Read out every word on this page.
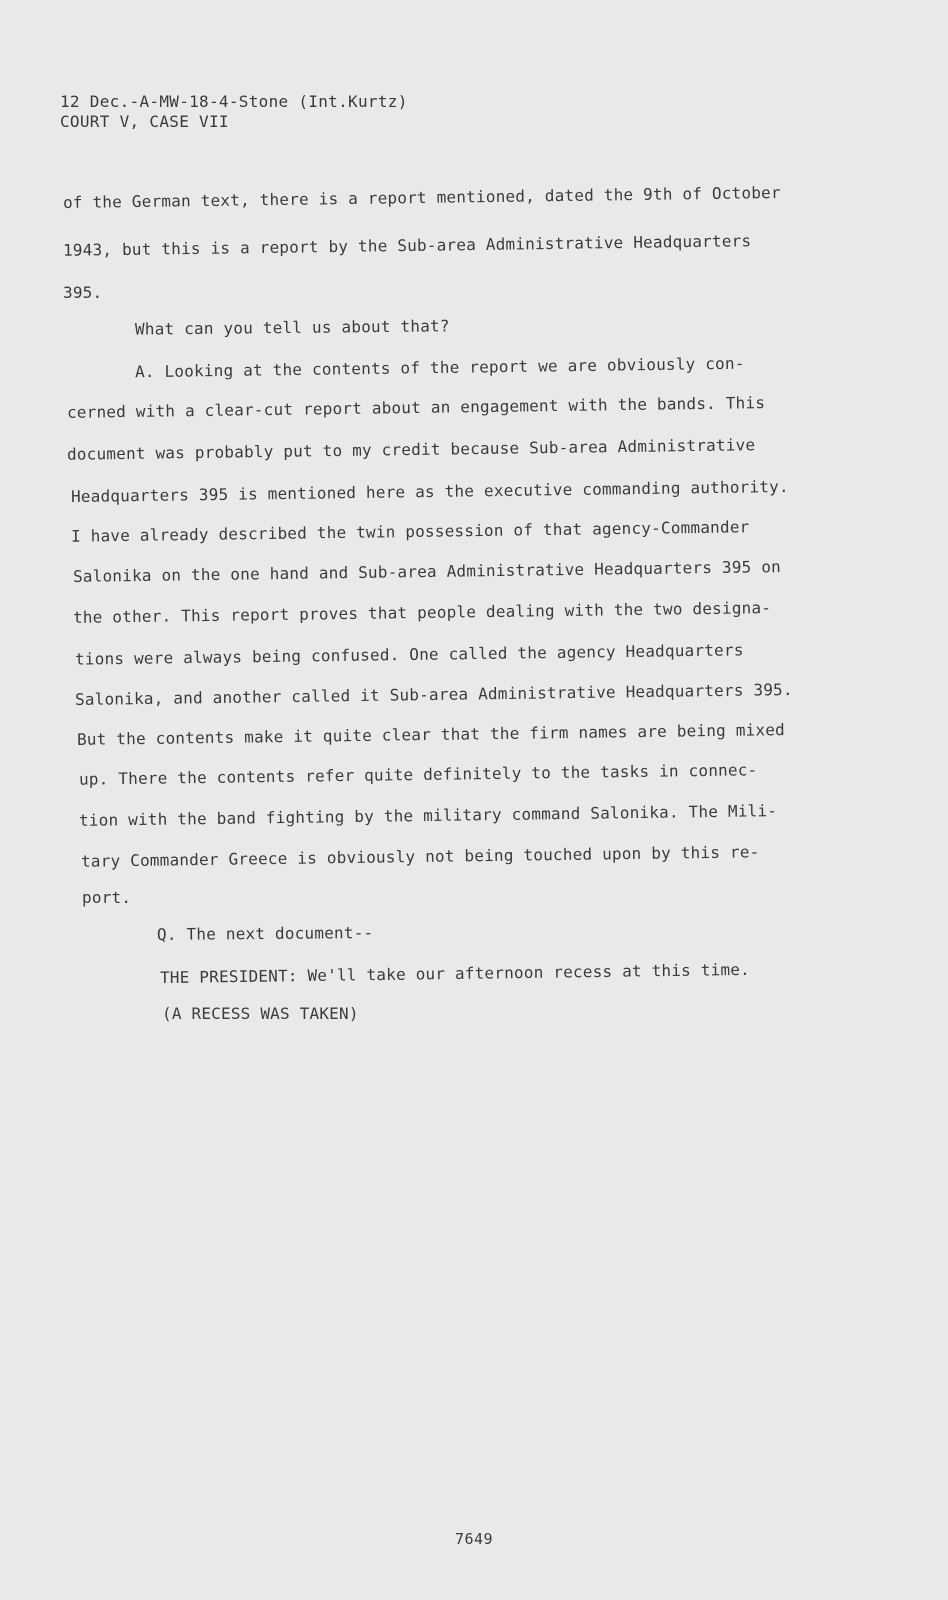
12 Dec.-A-MW-18-4-Stone (Int.Kurtz)
COURT V, CASE VII
of the German text, there is a report mentioned, dated the 9th of October
1943, but this is a report by the Sub-area Administrative Headquarters
395.
What can you tell us about that?
A. Looking at the contents of the report we are obviously con-
cerned with a clear-cut report about an engagement with the bands. This
document was probably put to my credit because Sub-area Administrative
Headquarters 395 is mentioned here as the executive commanding authority.
I have already described the twin possession of that agency-Commander
Salonika on the one hand and Sub-area Administrative Headquarters 395 on
the other. This report proves that people dealing with the two designa-
tions were always being confused. One called the agency Headquarters
Salonika, and another called it Sub-area Administrative Headquarters 395.
But the contents make it quite clear that the firm names are being mixed
up. There the contents refer quite definitely to the tasks in connec-
tion with the band fighting by the military command Salonika. The Mili-
tary Commander Greece is obviously not being touched upon by this re-
port.
Q. The next document--
THE PRESIDENT: We'll take our afternoon recess at this time.
(A RECESS WAS TAKEN)
7649
